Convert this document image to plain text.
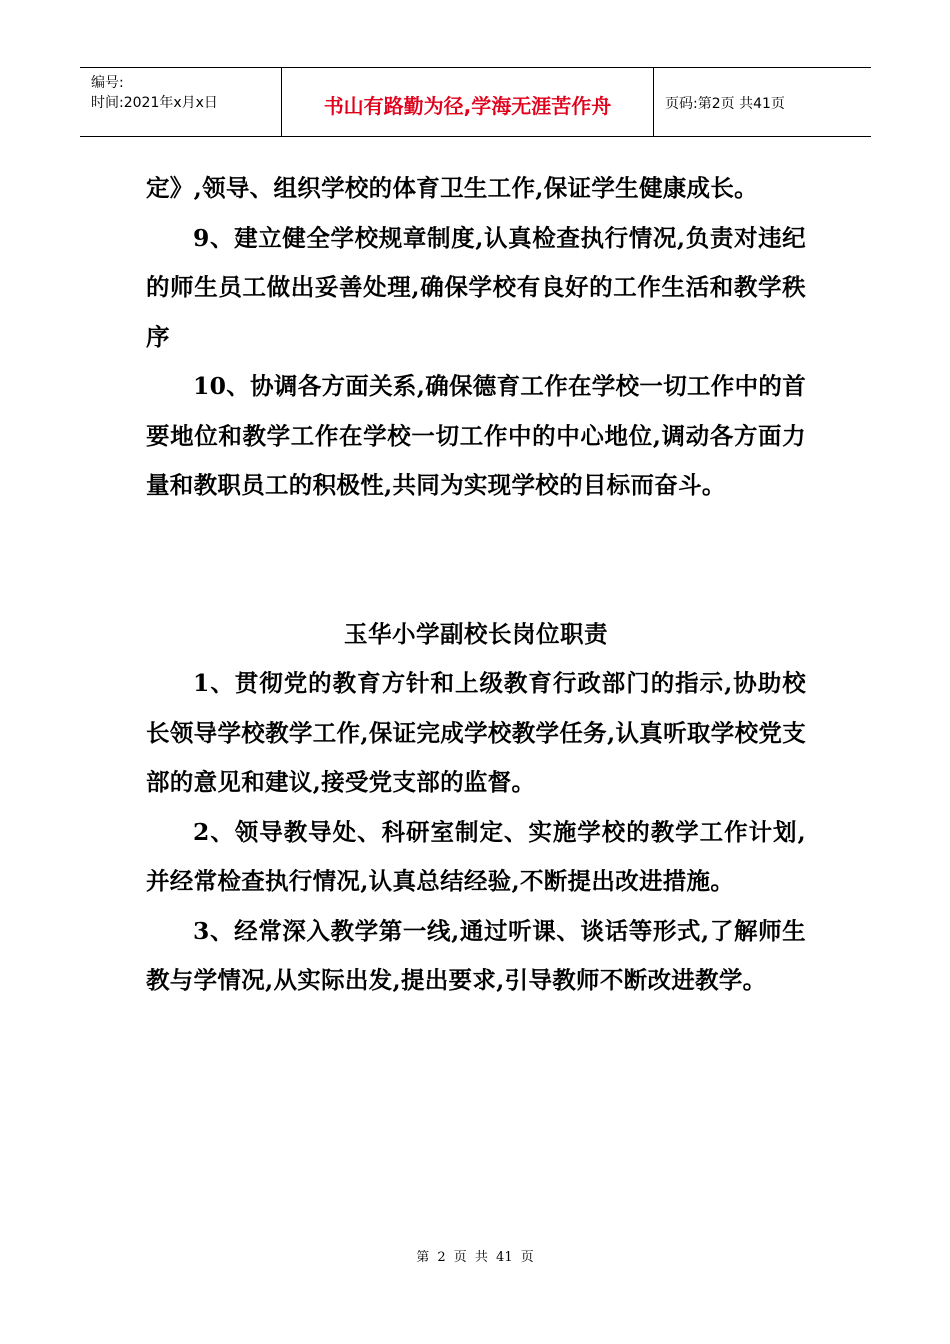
编号:
时间:2021年x月x日	书山有路勤为径,学海无涯苦作舟	页码:第2页 共41页

定》,领导、组织学校的体育卫生工作,保证学生健康成长。

9、建立健全学校规章制度,认真检查执行情况,负责对违纪的师生员工做出妥善处理,确保学校有良好的工作生活和教学秩序

10、协调各方面关系,确保德育工作在学校一切工作中的首要地位和教学工作在学校一切工作中的中心地位,调动各方面力量和教职员工的积极性,共同为实现学校的目标而奋斗。

玉华小学副校长岗位职责

1、贯彻党的教育方针和上级教育行政部门的指示,协助校长领导学校教学工作,保证完成学校教学任务,认真听取学校党支部的意见和建议,接受党支部的监督。

2、领导教导处、科研室制定、实施学校的教学工作计划,并经常检查执行情况,认真总结经验,不断提出改进措施。

3、经常深入教学第一线,通过听课、谈话等形式,了解师生教与学情况,从实际出发,提出要求,引导教师不断改进教学。

第 2 页 共 41 页
